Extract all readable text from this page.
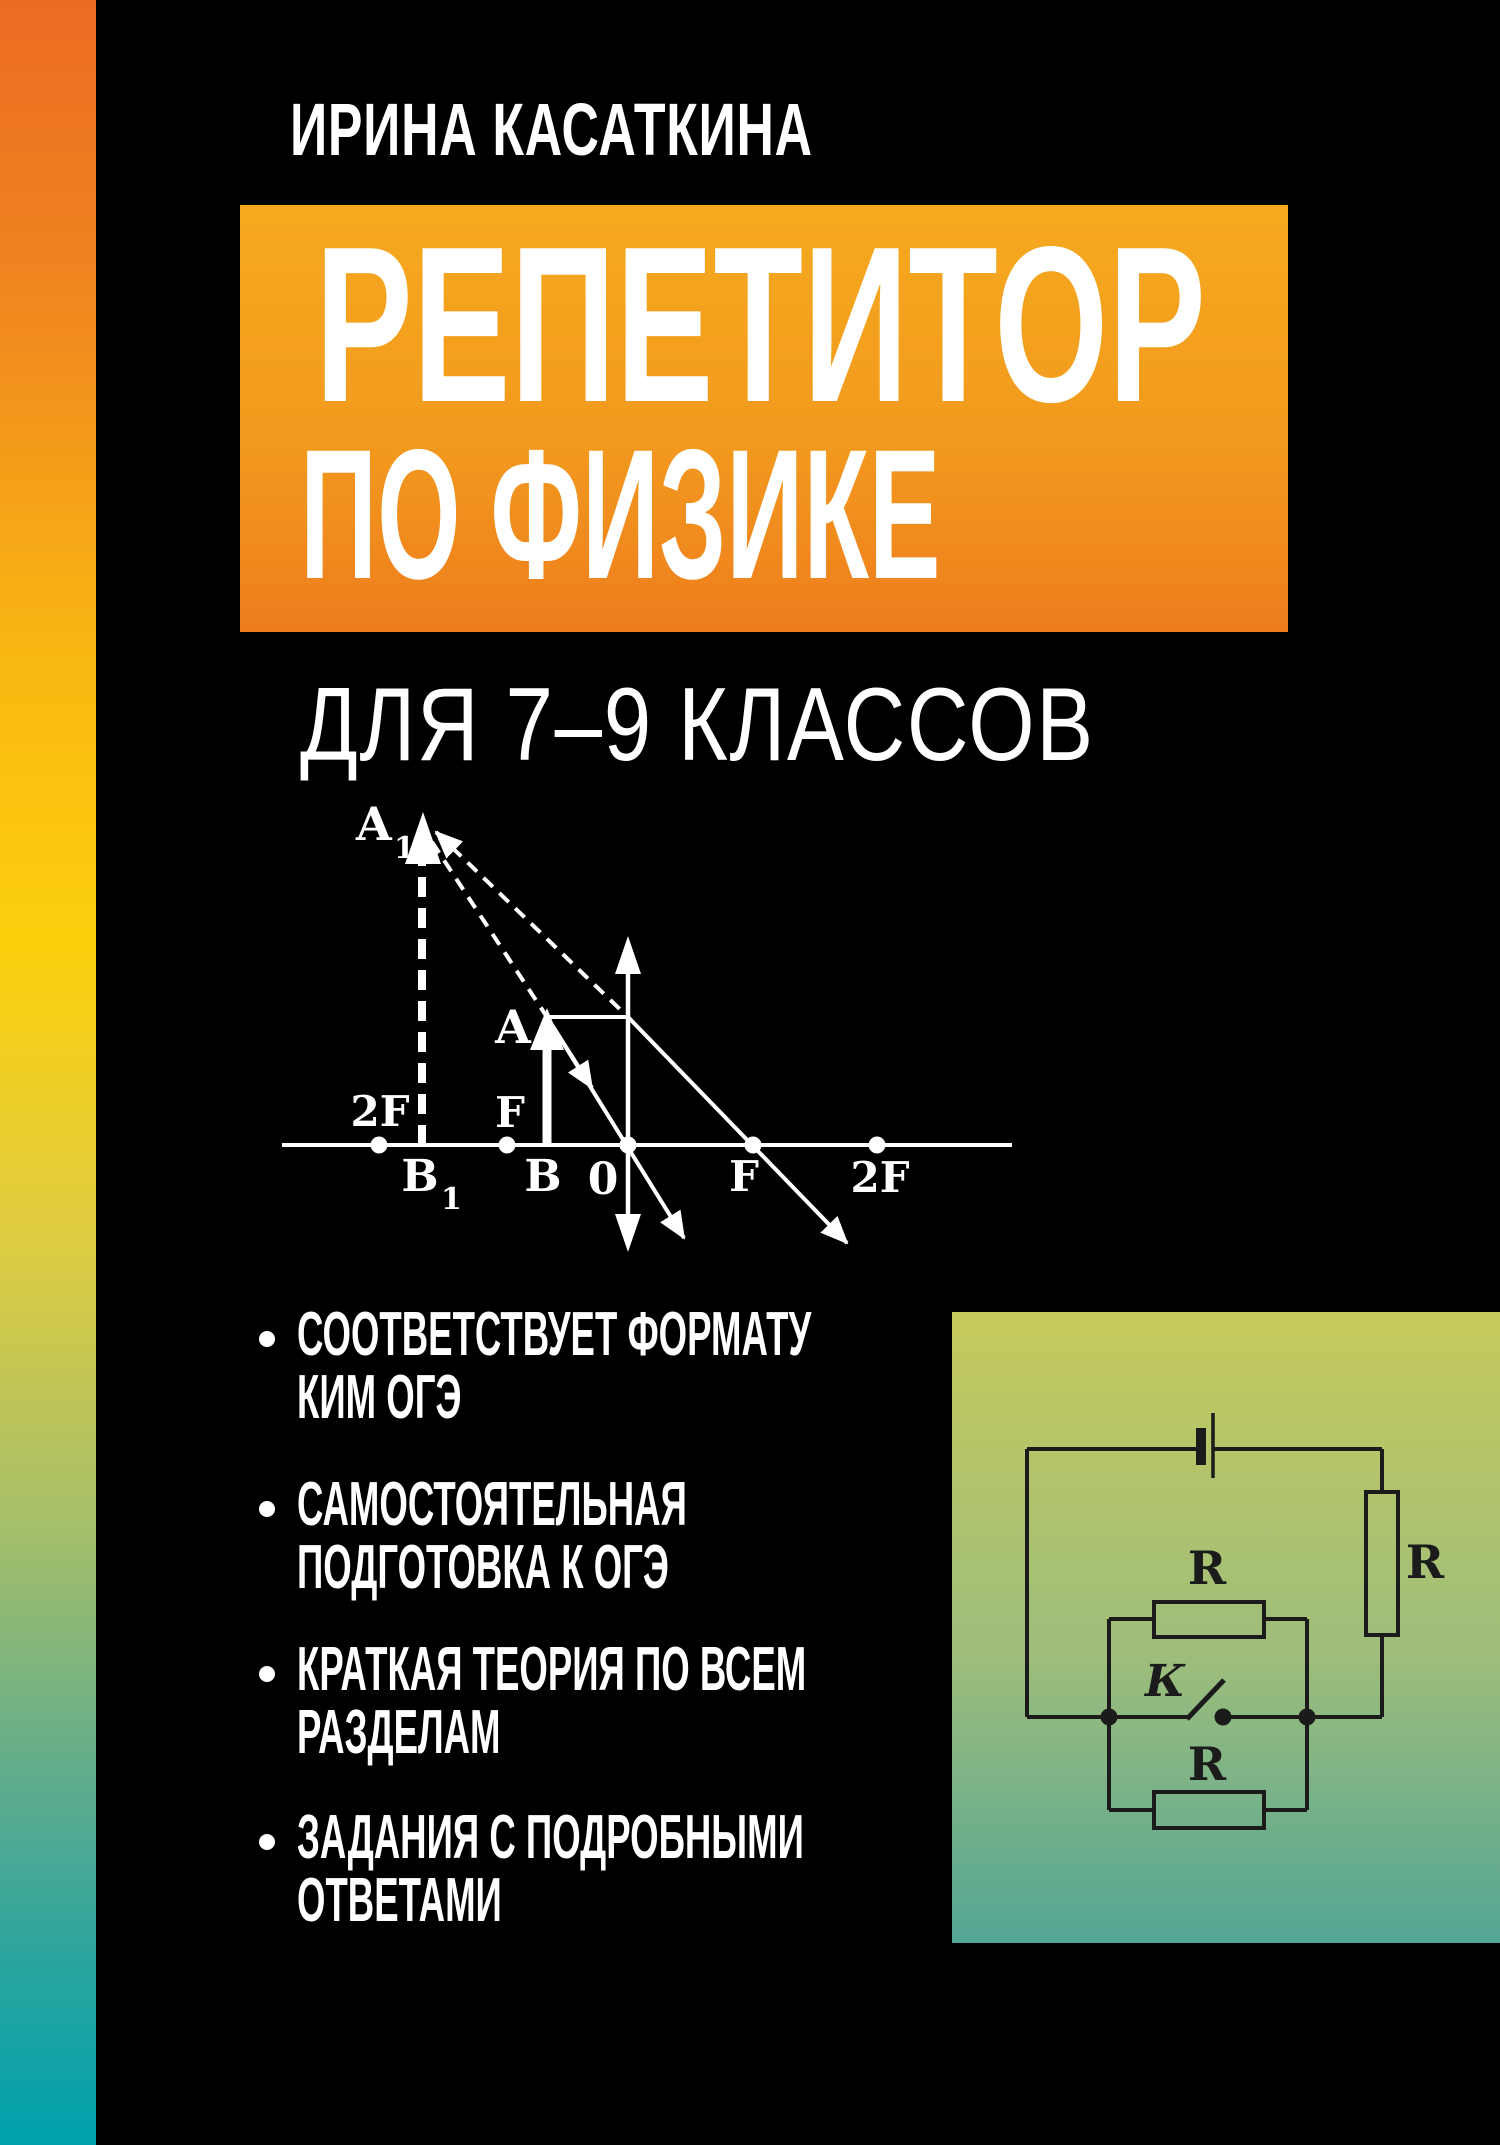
ИРИНА КАСАТКИНА
РЕПЕТИТОР
ПО ФИЗИКЕ
ДЛЯ 7–9 КЛАССОВ
A 1
A
2F F
B 1 B 0	F 2F
СООТВЕТСТВУЕТ ФОРМАТУ
КИМ ОГЭ
САМОСТОЯТЕЛЬНАЯ
ПОДГОТОВКА К ОГЭ
КРАТКАЯ ТЕОРИЯ ПО ВСЕМ
РАЗДЕЛАМ
ЗАДАНИЯ С ПОДРОБНЫМИ
ОТВЕТАМИ
R
R
R
К
